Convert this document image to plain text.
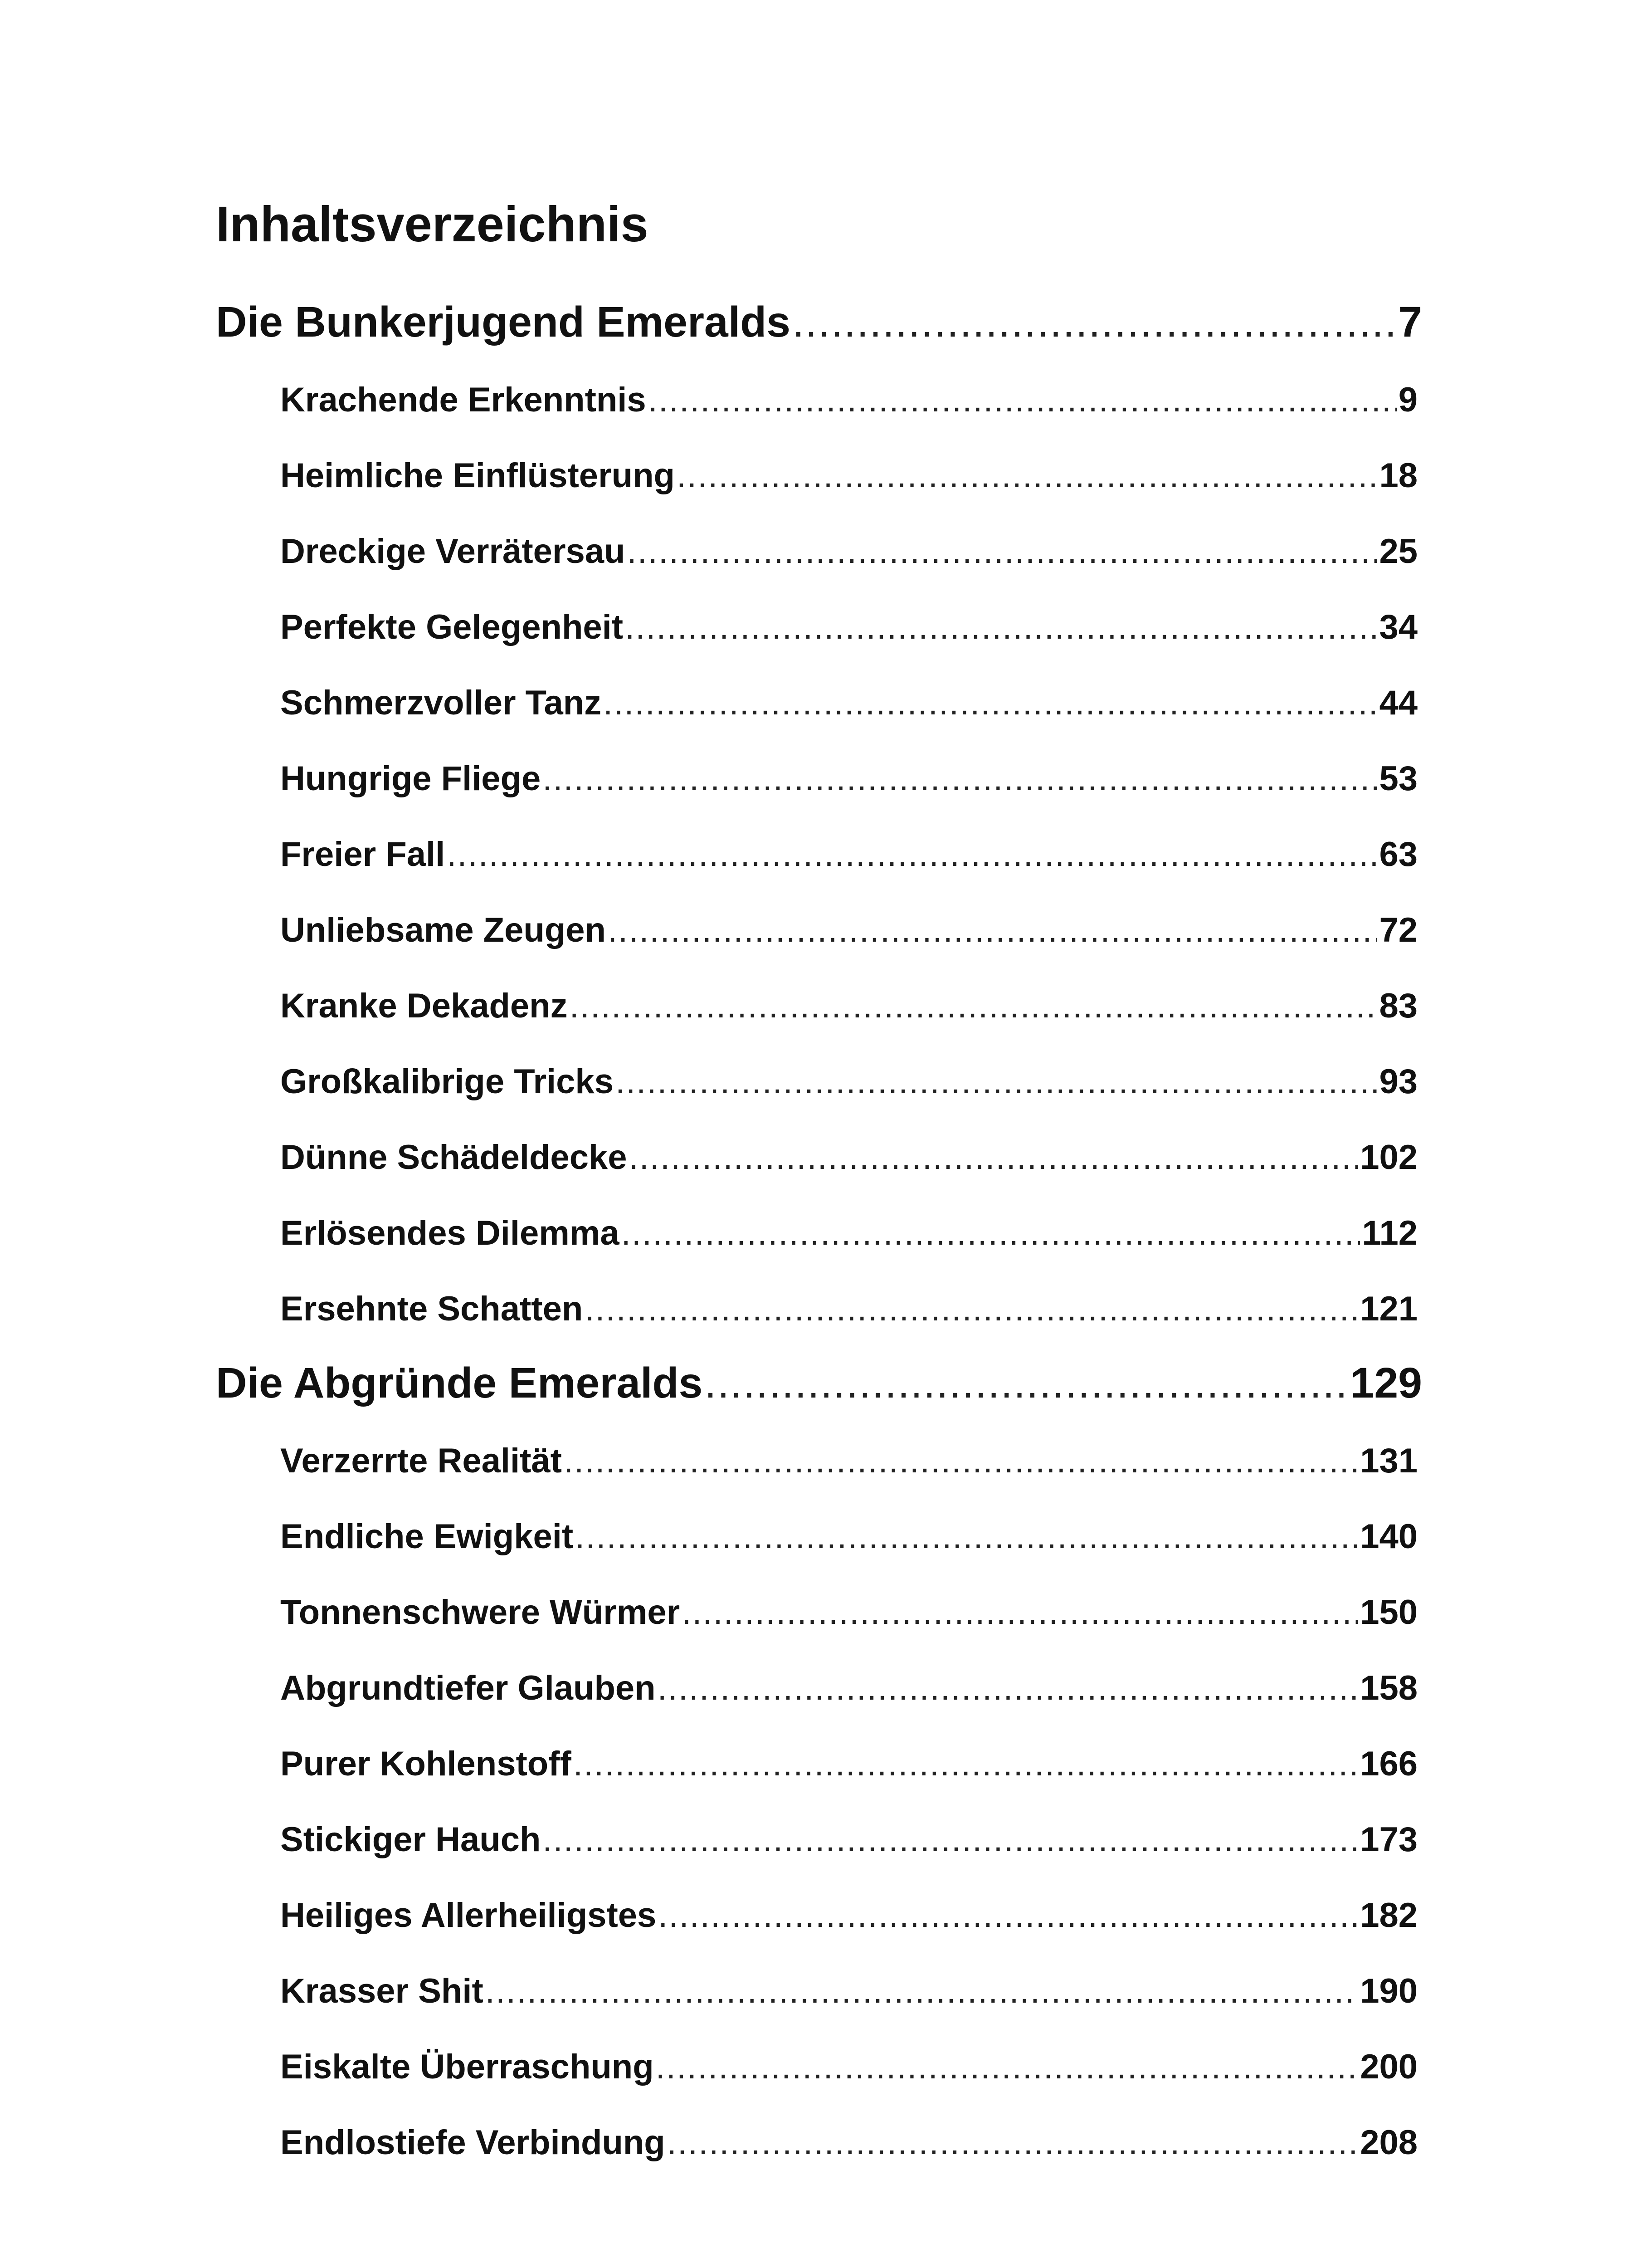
Inhaltsverzeichnis
Die Bunkerjugend Emeralds .....	7
Krachende Erkenntnis .....	9
Heimliche Einflüsterung .....	18
Dreckige Verrätersau .....	25
Perfekte Gelegenheit .....	34
Schmerzvoller Tanz .....	44
Hungrige Fliege .....	53
Freier Fall .....	63
Unliebsame Zeugen .....	72
Kranke Dekadenz .....	83
Großkalibrige Tricks .....	93
Dünne Schädeldecke .....	102
Erlösendes Dilemma .....	112
Ersehnte Schatten .....	121
Die Abgründe Emeralds .....	129
Verzerrte Realität .....	131
Endliche Ewigkeit .....	140
Tonnenschwere Würmer .....	150
Abgrundtiefer Glauben .....	158
Purer Kohlenstoff .....	166
Stickiger Hauch .....	173
Heiliges Allerheiligstes .....	182
Krasser Shit .....	190
Eiskalte Überraschung .....	200
Endlostiefe Verbindung .....	208
